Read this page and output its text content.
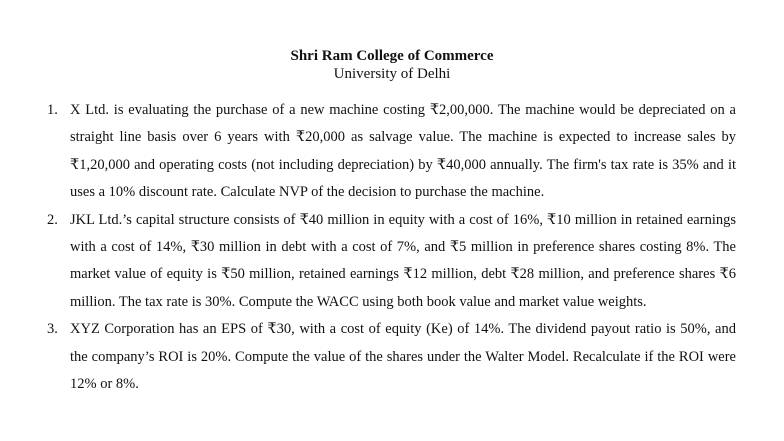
Shri Ram College of Commerce
University of Delhi
1. X Ltd. is evaluating the purchase of a new machine costing ₹2,00,000. The machine would be depreciated on a straight line basis over 6 years with ₹20,000 as salvage value. The machine is expected to increase sales by ₹1,20,000 and operating costs (not including depreciation) by ₹40,000 annually. The firm's tax rate is 35% and it uses a 10% discount rate. Calculate NVP of the decision to purchase the machine.
2. JKL Ltd.’s capital structure consists of ₹40 million in equity with a cost of 16%, ₹10 million in retained earnings with a cost of 14%, ₹30 million in debt with a cost of 7%, and ₹5 million in preference shares costing 8%. The market value of equity is ₹50 million, retained earnings ₹12 million, debt ₹28 million, and preference shares ₹6 million. The tax rate is 30%. Compute the WACC using both book value and market value weights.
3. XYZ Corporation has an EPS of ₹30, with a cost of equity (Ke) of 14%. The dividend payout ratio is 50%, and the company’s ROI is 20%. Compute the value of the shares under the Walter Model. Recalculate if the ROI were 12% or 8%.
